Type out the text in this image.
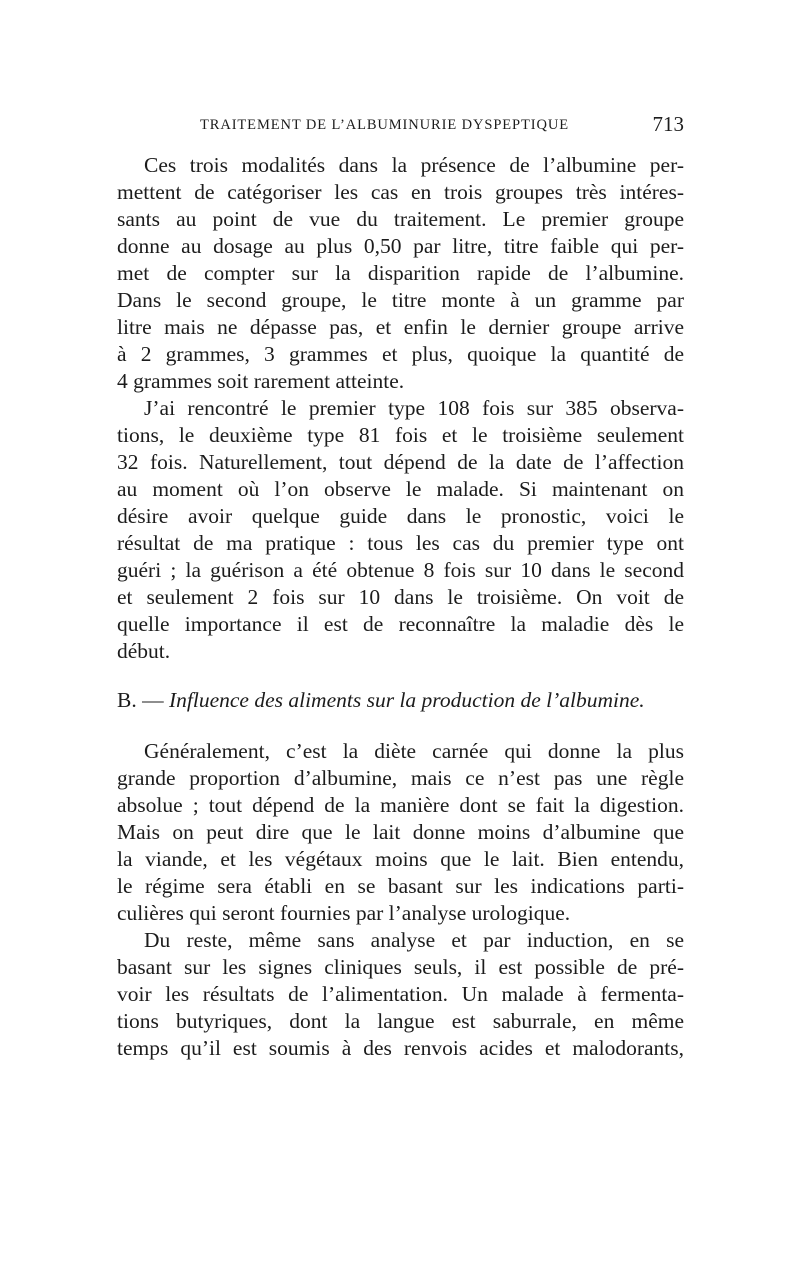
TRAITEMENT DE L’ALBUMINURIE DYSPEPTIQUE	713
Ces trois modalités dans la présence de l’albumine per-
mettent de catégoriser les cas en trois groupes très intéres-
sants au point de vue du traitement. Le premier groupe
donne au dosage au plus 0,50 par litre, titre faible qui per-
met de compter sur la disparition rapide de l’albumine.
Dans le second groupe, le titre monte à un gramme par
litre mais ne dépasse pas, et enfin le dernier groupe arrive
à 2 grammes, 3 grammes et plus, quoique la quantité de
4 grammes soit rarement atteinte.
J’ai rencontré le premier type 108 fois sur 385 observa-
tions, le deuxième type 81 fois et le troisième seulement
32 fois. Naturellement, tout dépend de la date de l’affection
au moment où l’on observe le malade. Si maintenant on
désire avoir quelque guide dans le pronostic, voici le
résultat de ma pratique : tous les cas du premier type ont
guéri ; la guérison a été obtenue 8 fois sur 10 dans le second
et seulement 2 fois sur 10 dans le troisième. On voit de
quelle importance il est de reconnaître la maladie dès le
début.
B. — Influence des aliments sur la production de l’albumine.
Généralement, c’est la diète carnée qui donne la plus
grande proportion d’albumine, mais ce n’est pas une règle
absolue ; tout dépend de la manière dont se fait la digestion.
Mais on peut dire que le lait donne moins d’albumine que
la viande, et les végétaux moins que le lait. Bien entendu,
le régime sera établi en se basant sur les indications parti-
culières qui seront fournies par l’analyse urologique.
Du reste, même sans analyse et par induction, en se
basant sur les signes cliniques seuls, il est possible de pré-
voir les résultats de l’alimentation. Un malade à fermenta-
tions butyriques, dont la langue est saburrale, en même
temps qu’il est soumis à des renvois acides et malodorants,
